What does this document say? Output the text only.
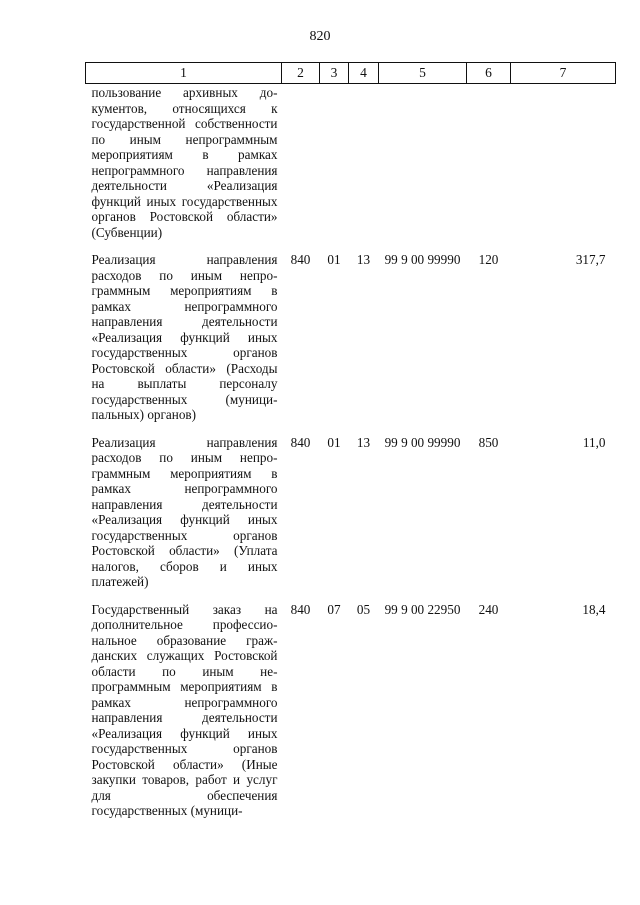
820
1	2	3	4	5	6	7
пользование архивных документов, относящихся к государственной собственности по иным непрограммным мероприятиям в рамках непрограммного направления деятельности «Реализация функций иных государственных органов Ростовской области» (Субвенции)						
Реализация направления расходов по иным непрограммным мероприятиям в рамках непрограммного направления деятельности «Реализация функций иных государственных органов Ростовской области» (Расходы на выплаты персоналу государственных (муниципальных) органов)	840	01	13	99 9 00 99990	120	317,7
Реализация направления расходов по иным непрограммным мероприятиям в рамках непрограммного направления деятельности «Реализация функций иных государственных органов Ростовской области» (Уплата налогов, сборов и иных платежей)	840	01	13	99 9 00 99990	850	11,0
Государственный заказ на дополнительное профессиональное образование гражданских служащих Ростовской области по иным непрограммным мероприятиям в рамках непрограммного направления деятельности «Реализация функций иных государственных органов Ростовской области» (Иные закупки товаров, работ и услуг для обеспечения государственных (муници-	840	07	05	99 9 00 22950	240	18,4
